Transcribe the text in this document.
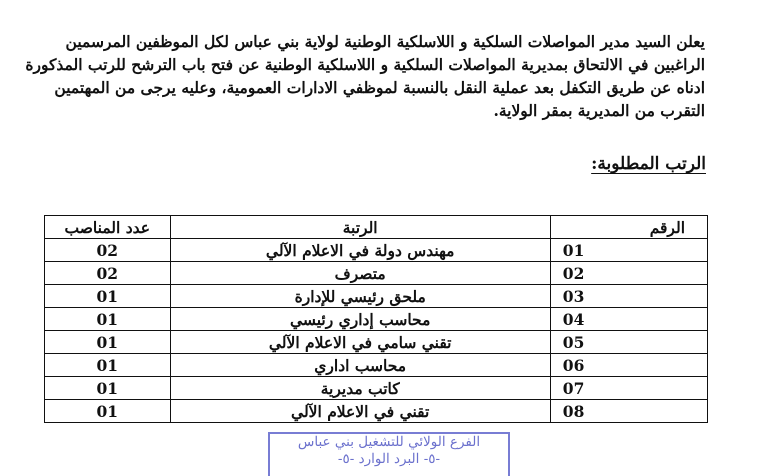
يعلن السيد مدير المواصلات السلكية و اللاسلكية الوطنية لولاية بني عباس لكل الموظفين المرسمين
الراغبين في الالتحاق بمديرية المواصلات السلكية و اللاسلكية الوطنية عن فتح باب الترشح للرتب المذكورة
ادناه عن طريق التكفل بعد عملية النقل بالنسبة لموظفي الادارات العمومية، وعليه يرجى من المهتمين
التقرب من المديرية بمقر الولاية.
الرتب المطلوبة:
عدد المناصب	الرتبة	الرقم
02	مهندس دولة في الاعلام الآلي	01
02	متصرف	02
01	ملحق رئيسي للإدارة	03
01	محاسب إداري رئيسي	04
01	تقني سامي في الاعلام الآلي	05
01	محاسب اداري	06
01	كاتب مديرية	07
01	تقني في الاعلام الآلي	08
الفرع الولائي للتشغيل بني عباس
-٥- البرد الوارد -٥-
